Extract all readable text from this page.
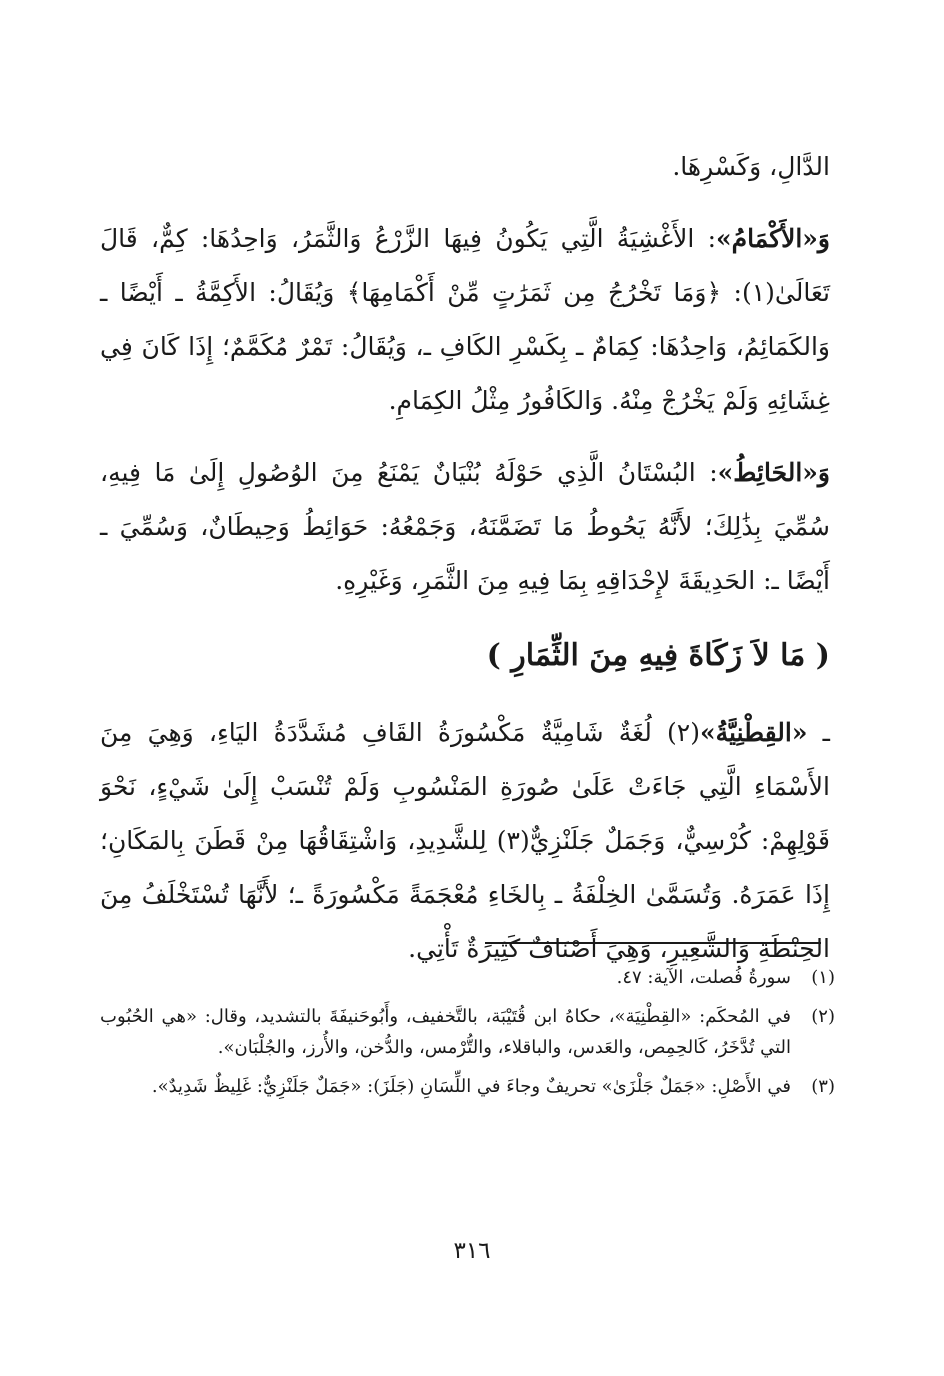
الدَّالِ، وَكَسْرِهَا.

وَ«الأَكْمَامُ»: الأَغْشِيَةُ الَّتِي يَكُونُ فِيهَا الزَّرْعُ وَالثَّمَرُ، وَاحِدُهَا: كِمٌّ، قَالَ تَعَالَىٰ(١): ﴿وَمَا تَخْرُجُ مِن ثَمَرَٰتٍ مِّنْ أَكْمَامِهَا﴾ وَيُقَالُ: الأَكِمَّةُ ـ أَيْضًا ـ وَالكَمَائِمُ، وَاحِدُهَا: كِمَامٌ ـ بِكَسْرِ الكَافِ ـ، وَيُقَالُ: تَمْرٌ مُكَمَّمٌ؛ إِذَا كَانَ فِي غِشَائِهِ وَلَمْ يَخْرُجْ مِنْهُ. وَالكَافُورُ مِثْلُ الكِمَامِ.

وَ«الحَائِطُ»: البُسْتَانُ الَّذِي حَوْلَهُ بُنْيَانٌ يَمْنَعُ مِنَ الوُصُولِ إِلَىٰ مَا فِيهِ، سُمِّيَ بِذَٰلِكَ؛ لأَنَّهُ يَحُوطُ مَا تَضَمَّنَهُ، وَجَمْعُهُ: حَوَائِطُ وَحِيطَانٌ، وَسُمِّيَ ـ أَيْضًا ـ: الحَدِيقَةَ لإِحْدَاقِهِ بِمَا فِيهِ مِنَ الثَّمَرِ، وَغَيْرِهِ.

( مَا لاَ زَكَاةَ فِيهِ مِنَ الثِّمَارِ )

ـ «القِطْنِيَّةُ»(٢) لُغَةٌ شَامِيَّةٌ مَكْسُورَةُ القَافِ مُشَدَّدَةُ اليَاءِ، وَهِيَ مِنَ الأَسْمَاءِ الَّتِي جَاءَتْ عَلَىٰ صُورَةِ المَنْسُوبِ وَلَمْ تُنْسَبْ إِلَىٰ شَيْءٍ، نَحْوَ قَوْلِهِمْ: كُرْسِيٌّ، وَجَمَلٌ جَلَنْزِيٌّ(٣) لِلشَّدِيدِ، وَاشْتِقَاقُهَا مِنْ قَطَنَ بِالمَكَانِ؛ إِذَا عَمَرَهُ. وَتُسَمَّىٰ الخِلْفَةُ ـ بِالخَاءِ مُعْجَمَةً مَكْسُورَةً ـ؛ لأَنَّهَا تُسْتَخْلَفُ مِنَ الحِنْطَةِ وَالشَّعِيرِ، وَهِيَ أَصْنَافٌ كَثِيرَةٌ تَأْتِي.

(١)
سورةُ فُصلت، الآية: ٤٧.
(٢)
في المُحكَم: «القِطْنِيَة»، حكاهُ ابن قُتَيْبَة، بالتَّخفيف، وأَبُوحَنيفَةَ بالتشديد، وقال: «هي الحُبُوب التي تُدَّخَرُ، كَالحِمِص، والعَدس، والباقلاء، والتُّرْمس، والدُّخن، والأُرز، والجُلْبَان».
(٣)
في الأَصْلِ: «جَمَلٌ جَلْزَىٰ» تحريفٌ وجاءَ في اللِّسَانِ (جَلَزَ): «جَمَلٌ جَلَنْزِيٌّ: غَلِيظٌ شَدِيدٌ».
٣١٦
